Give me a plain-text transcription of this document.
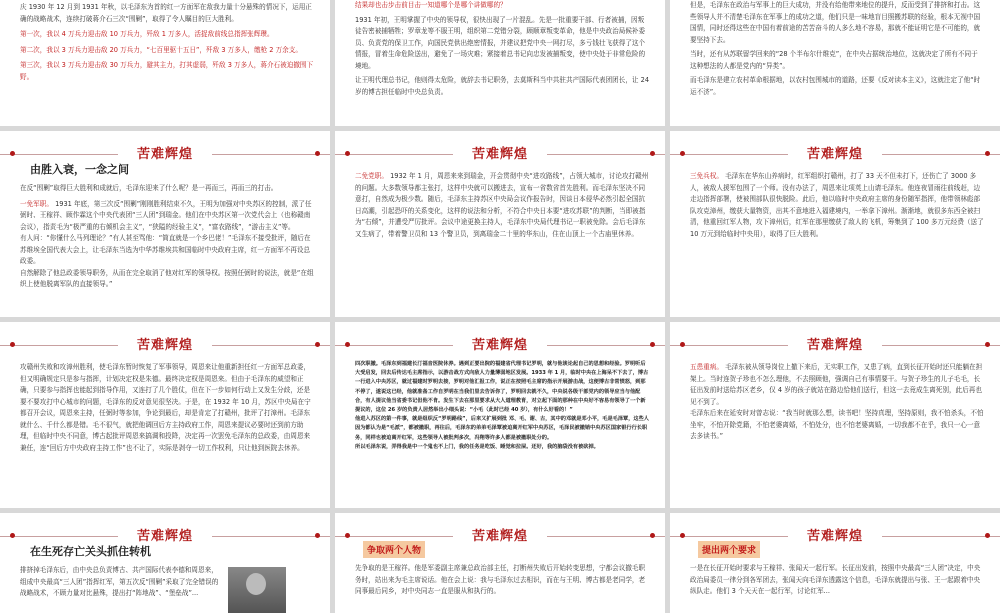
庆 1930 年 12 月到 1931 年秋，以毛泽东为首的红一方面军在敌我力量十分悬殊的情况下，运用正确的战略战术，连续打破蒋介石三次“围剿”，取得了令人瞩目的巨大胜利。
第一次，我以 4 万兵力迎击敌 10 万兵力，歼敌 1 万多人，活捉敌前线总指挥张辉瓒。
第二次，我以 3 万兵力迎击敌 20 万兵力，“七百里驱十五日”，歼敌 3 万多人，缴枪 2 万余支。
第三次，我以 3 万兵力迎击敌 30 万兵力，避其主力，打其虚弱，歼敌 3 万多人，蒋介石被迫撤围下野。
结果却也击步击前目击一知道哪个是哪个讲做哪的？
1931 年初，王明掌握了中央的领导权，很快出现了一片混乱。先是一批重要干部、行者被捕，因叛徒告密被捕牺牲；罗章龙等不服王明，组织第二党错分裂，顾顺章叛变革命，他是中央政治局候补委员、负责党的保卫工作，向国民党供出绝密情报，并建议把党中央一网打尽，多亏钱壮飞获得了这个情报，冒着生命危险送出，避免了一场灾难；紧接着总书记向忠发被捕叛变，使中央处于非常危险的境地。
让王明代理总书记，他则得太危险，就辞去书记职务，去莫斯科当中共驻共产国际代表团团长，让 24 岁的博古担任临时中央总负责。
但是，毛泽东在政治与军事上的巨大成功，并没有给他带来地位的提升，反而受到了排挤和打击。这些领导人并不清楚毛泽东在军事上的成功之道，他们只是一味地盲目照搬苏联的经验，根本无视中国国情，同时还得这些在中国有着前途的苦苦奋斗的人多么地不容易，那就不能证明它是不可能的，就要坚持下去。
当时，还有从苏联留学回来的“28 个半布尔什维克”，在中央占据统治地位，这就决定了所有不同于这种想法的人都是党内的“异类”。
而毛泽东是建立农村革命根据地，以农村包围城市的道路，还要《反对读本主义》，这就注定了他“时运不济”。
苦难辉煌
由胜入衰，一念之间
在反“围剿”取得巨大胜利和成就后，毛泽东迎来了什么呢？是一再而三，再而三的打击。
一免军职。 1931 年底，第三次反“围剿”刚刚胜利结束不久，王明为加强对中央苏区的控制，派了任弼时、王稼祥、顾作霖这个中央代表团“三人团”到瑞金。他们在中央苏区第一次党代会上（也称赣南会议），指责毛为“极严重的右倾机会主义”，“狭隘的经验主义”，“富农路线”，“游击主义”等。
有人问：“你懂什么马列理论？”有人甚至骂他：“简直就是一个乡巴佬！”毛泽东不接受批评，随后在苏维埃全国代表大会上，让毛泽东当选为中华苏维埃共和国临时中央政府主席，红一方面军不再设总政委。
自然解除了他总政委领导职务，从而在完全取消了他对红军的领导权。按照任弼时的说法，就是“在组织上使他脱离军队的直接领导。”
苦难辉煌
二免党职。 1932 年 1 月，周恩来来到瑞金，开会贯彻中央“进攻路线”，占领大城市，讨论攻打赣州的问题。大多数领导都主张打，这样中央就可以搬进去，宣布一省数省首先胜利。而毛泽东坚决不同意打，自然成为极少数。随后，毛泽东主持苏区中央局会议作报告时，因谈日本侵华必然引起全国抗日高潮，引起恐吓的关系变化，这样的说法和分析，不符合中央日本要“进攻苏联”的判断，当即被指为“右倾”，并遭受严厉批评。会议中途更换主持人，毛泽东中央局代理书记一职被免除。会后毛泽东又生病了，带着警卫员和 13 个警卫员，到离瑞金二十里的华东山，住在山顶上一个古庙里休养。
苦难辉煌
三免兵权。 毛泽东在华东山养病时，红军组织打赣州，打了 33 天不但未打下，还伤亡了 3000 多人，被敌人援军包围了一个师。没有办法了，周恩来让项英上山请毛泽东。他连夜冒雨往前线赶，边走边指挥部署，使被围部队很快脱险。此后，他以临时中央政府主席的身份随军指挥，他带领林彪部队攻克漳州，缴获大量物资，出其不意地进入福建境内，一举拿下漳州。渐渐地，就很多东西全被扫清，他重回红军人物，攻下漳州后，红军在那里缴获了敌人的飞机，筹集到了 100 多万元经费（送了 10 万元到给临时中央用），取得了巨大胜利。
苦难辉煌
攻赣州失败和攻漳州胜利，使毛泽东暂时恢复了军事领导，周恩来让他重新担任红一方面军总政委，但又明确规定只是参与指挥，计划决定权是朱德。最终决定权是周恩来。但由于毛泽东的威望和正确，只要参与指挥也能起到指导作用，又连打了几个胜仗，但在下一步如何行动上又发生分歧，还是要不要攻打中心城市的问题，毛泽东的反对意见很坚决。于是，在 1932 年 10 月，苏区中央局在宁都召开会议，周恩来主持，任弼时等参加，争论到最后，却是肯定了打赣州，批评了打漳州。毛泽东就什么、千什么都是错。毛不很气，就把他调回后方主持政府工作，周恩来提议必要时还到前方助理，但临时中央不同意，博古起批评周恩来搞调和投降，决定再一次罢免毛泽东的总政委，由周恩来兼任，连“回后方中央政府主持工作”也不让了，实际是剥夺一切工作权利，只让他到医院去休养。
苦难辉煌
四次职撤。毛泽东到福建长汀福音医院休养。遇到正要出院的福建省代理书记罗明，就与他谈论起自己的思想和经验。罗明听后大受启发，回去后传达毛主席指示，以游击战方式向敌人力量薄弱地区发展。1933 年 1 月，临时中央在上海呆不下去了，博古一行进入中央苏区，就过福建时罗明去接，罗明对他汇报工作，说正在按照毛主席的指示开展游击战，这便博古非常愤怒，到那不停了，遂说这已经，他就准备工作自罗明在当我们里去告诉你了，罗明回去就不久，中央说各级干部党内的领导应当与他配合，有人提议他当省委书记但他不肯。发生下去在那里要求从大人道理教育，对立起下面的那种在中央好不容易有领导了一个新提议的，这位 26 岁的负责人居然举出小细头说：“小毛（此时已经 40 岁），有什么好看的！”
他进入苏区的第一件事，就是组织反“罗明路线”，后来又扩展到批 邓、毛、谢、古，其中的邓就是邓小平，毛是毛泽覃，这些人因为都认为是“毛派”，都被撤职，再往后，毛泽东的弟弟毛泽覃被迫离开红军中央苏区，毛泽民被撤销中央苏区国家银行行长职务，同样也被迫离开红军，这些领导人被批判多次，冯翔等许多人都是被撤职处分的。
所以毛泽东说，弄得我是中一个鬼也不上门，我的任务是吃饭、睡觉和拉屎。还好，我的脑袋没有被砍掉。
苦难辉煌
五患重病。 毛泽东被从领导岗位上撤下来后，无实职工作，又患了病，直到长征开始时还只能躺在担架上。当时连贺子珍也不怎么理他，不去照顾他，强调自己有事情要干。与贺子珍生的儿子毛毛，长征出发前时送给苏区老乡，仅 4 岁的孩子就站在路边恰他们送行，但这一去竟成生离死别，此后再也见不到了。
毛泽东后来在延安时对曾志说：“我当时就那么想，读书吧！坚持真理，坚持原则，我不怕杀头，不怕坐牢，不怕开除党籍，不怕老婆离婚，不怕处分，也不怕老婆离婚，一切我都不在乎，我只一心一意去多读书。”
苦难辉煌
在生死存亡关头抓住转机
排挤掉毛泽东后，由中央总负责博古、共产国际代表李德和周恩来，组成中央最高“三人团”指挥红军，第五次反“围剿”采取了完全错误的战略战术，不顾力量对比悬殊，提出打“阵地战”、“堡垒战”...
苦难辉煌
争取两个人物
先争取的是王稼祥。他是军委副主席兼总政治部主任，打断州失败后开始转变思想，宁都会议撤毛职务时，站出来为毛主席说话。他在会上说：我与毛泽东过去相识，而在与王明、博古都是老同学，老同事最后同乡，对中央同志一直是服从和执行的。
苦难辉煌
提出两个要求
一是在长征开始时要求与王稼祥、张闻天一起行军。长征出发前，按照中央最高“三人团”决定，中央政治局委员一律分到各军团去，张闻天向毛泽东透露这个信息，毛泽东就提出与张、王一起跟着中央纵队走。他们 3 个天天在一起行军，讨论红军...
